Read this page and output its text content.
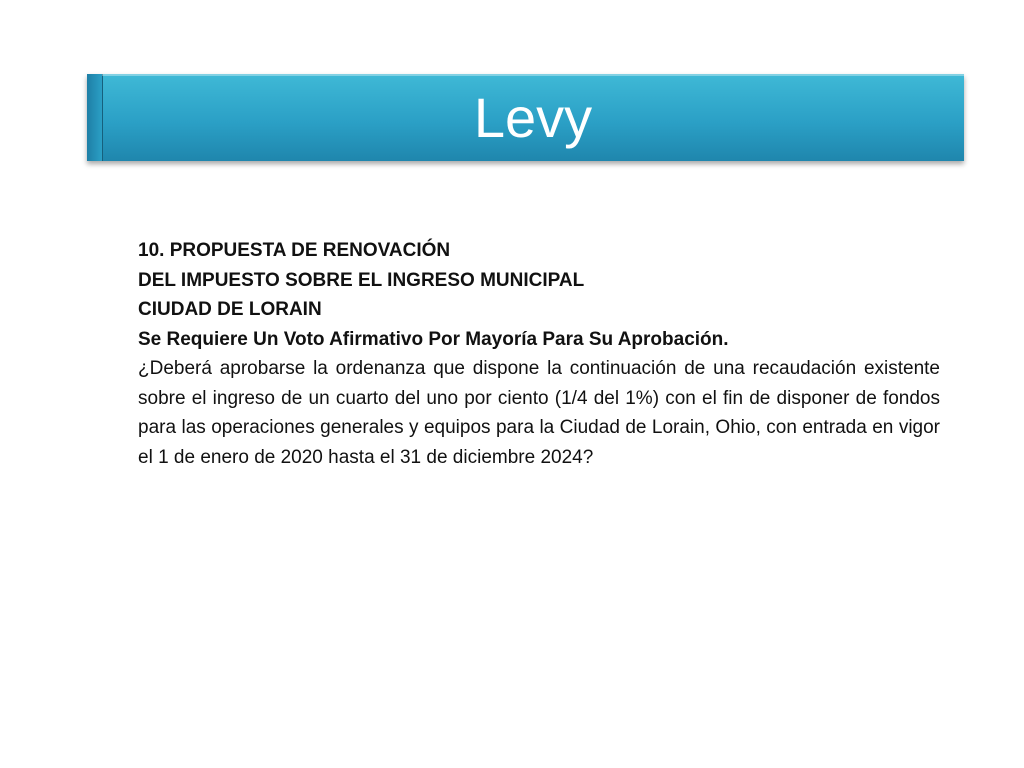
Levy

10. PROPUESTA DE RENOVACIÓN

DEL IMPUESTO SOBRE EL INGRESO MUNICIPAL

CIUDAD DE LORAIN

Se Requiere Un Voto Afirmativo Por Mayoría Para Su Aprobación.

¿Deberá aprobarse la ordenanza que dispone la continuación de una recaudación existente sobre el ingreso de un cuarto del uno por ciento (1/4 del 1%) con el fin de disponer de fondos para las operaciones generales y equipos para la Ciudad de Lorain, Ohio, con entrada en vigor el 1 de enero de 2020 hasta el 31 de diciembre 2024?
